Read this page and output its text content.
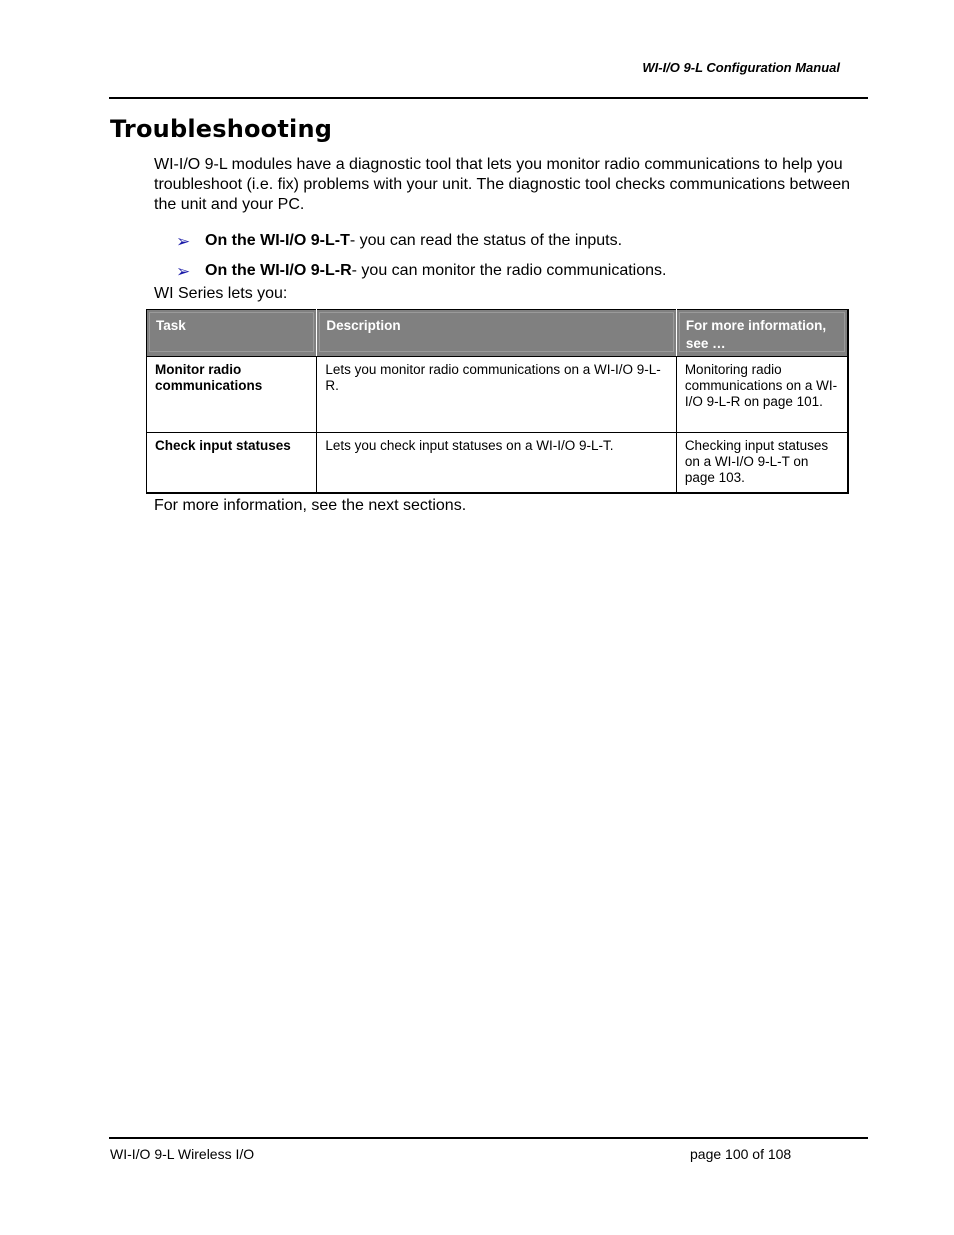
WI-I/O 9-L Configuration Manual
Troubleshooting

WI-I/O 9-L modules have a diagnostic tool that lets you monitor radio communications to help you troubleshoot (i.e. fix) problems with your unit. The diagnostic tool checks communications between the unit and your PC.

➢ On the WI-I/O 9-L-T - you can read the status of the inputs.
➢ On the WI-I/O 9-L-R - you can monitor the radio communications.

WI Series lets you:

Task	Description	For more information, see …

Monitor radio communications	Lets you monitor radio communications on a WI-I/O 9-L-R.	Monitoring radio communications on a WI-I/O 9-L-R on page 101.
Check input statuses	Lets you check input statuses on a WI-I/O 9-L-T.	Checking input statuses on a WI-I/O 9-L-T on page 103.

For more information, see the next sections.

WI-I/O 9-L Wireless I/O	page 100 of 108
